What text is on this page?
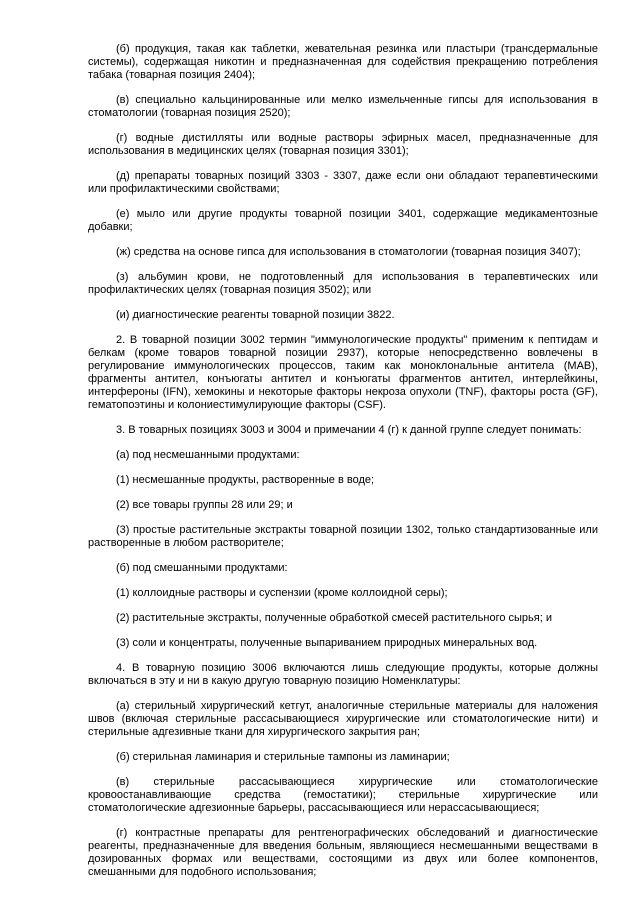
(б) продукция, такая как таблетки, жевательная резинка или пластыри (трансдермальные системы), содержащая никотин и предназначенная для содействия прекращению потребления табака (товарная позиция 2404);

(в) специально кальцинированные или мелко измельченные гипсы для использования в стоматологии (товарная позиция 2520);

(г) водные дистилляты или водные растворы эфирных масел, предназначенные для использования в медицинских целях (товарная позиция 3301);

(д) препараты товарных позиций 3303 - 3307, даже если они обладают терапевтическими или профилактическими свойствами;

(е) мыло или другие продукты товарной позиции 3401, содержащие медикаментозные добавки;

(ж) средства на основе гипса для использования в стоматологии (товарная позиция 3407);

(з) альбумин крови, не подготовленный для использования в терапевтических или профилактических целях (товарная позиция 3502); или

(и) диагностические реагенты товарной позиции 3822.

2. В товарной позиции 3002 термин "иммунологические продукты" применим к пептидам и белкам (кроме товаров товарной позиции 2937), которые непосредственно вовлечены в регулирование иммунологических процессов, таким как моноклональные антитела (MAB), фрагменты антител, конъюгаты антител и конъюгаты фрагментов антител, интерлейкины, интерфероны (IFN), хемокины и некоторые факторы некроза опухоли (TNF), факторы роста (GF), гематопоэтины и колониестимулирующие факторы (CSF).

3. В товарных позициях 3003 и 3004 и примечании 4 (г) к данной группе следует понимать:

(а) под несмешанными продуктами:

(1) несмешанные продукты, растворенные в воде;

(2) все товары группы 28 или 29; и

(3) простые растительные экстракты товарной позиции 1302, только стандартизованные или растворенные в любом растворителе;

(б) под смешанными продуктами:

(1) коллоидные растворы и суспензии (кроме коллоидной серы);

(2) растительные экстракты, полученные обработкой смесей растительного сырья; и

(3) соли и концентраты, полученные выпариванием природных минеральных вод.

4. В товарную позицию 3006 включаются лишь следующие продукты, которые должны включаться в эту и ни в какую другую товарную позицию Номенклатуры:

(а) стерильный хирургический кетгут, аналогичные стерильные материалы для наложения швов (включая стерильные рассасывающиеся хирургические или стоматологические нити) и стерильные адгезивные ткани для хирургического закрытия ран;

(б) стерильная ламинария и стерильные тампоны из ламинарии;

(в) стерильные рассасывающиеся хирургические или стоматологические кровоостанавливающие средства (гемостатики); стерильные хирургические или стоматологические адгезионные барьеры, рассасывающиеся или нерассасывающиеся;

(г) контрастные препараты для рентгенографических обследований и диагностические реагенты, предназначенные для введения больным, являющиеся несмешанными веществами в дозированных формах или веществами, состоящими из двух или более компонентов, смешанными для подобного использования;
